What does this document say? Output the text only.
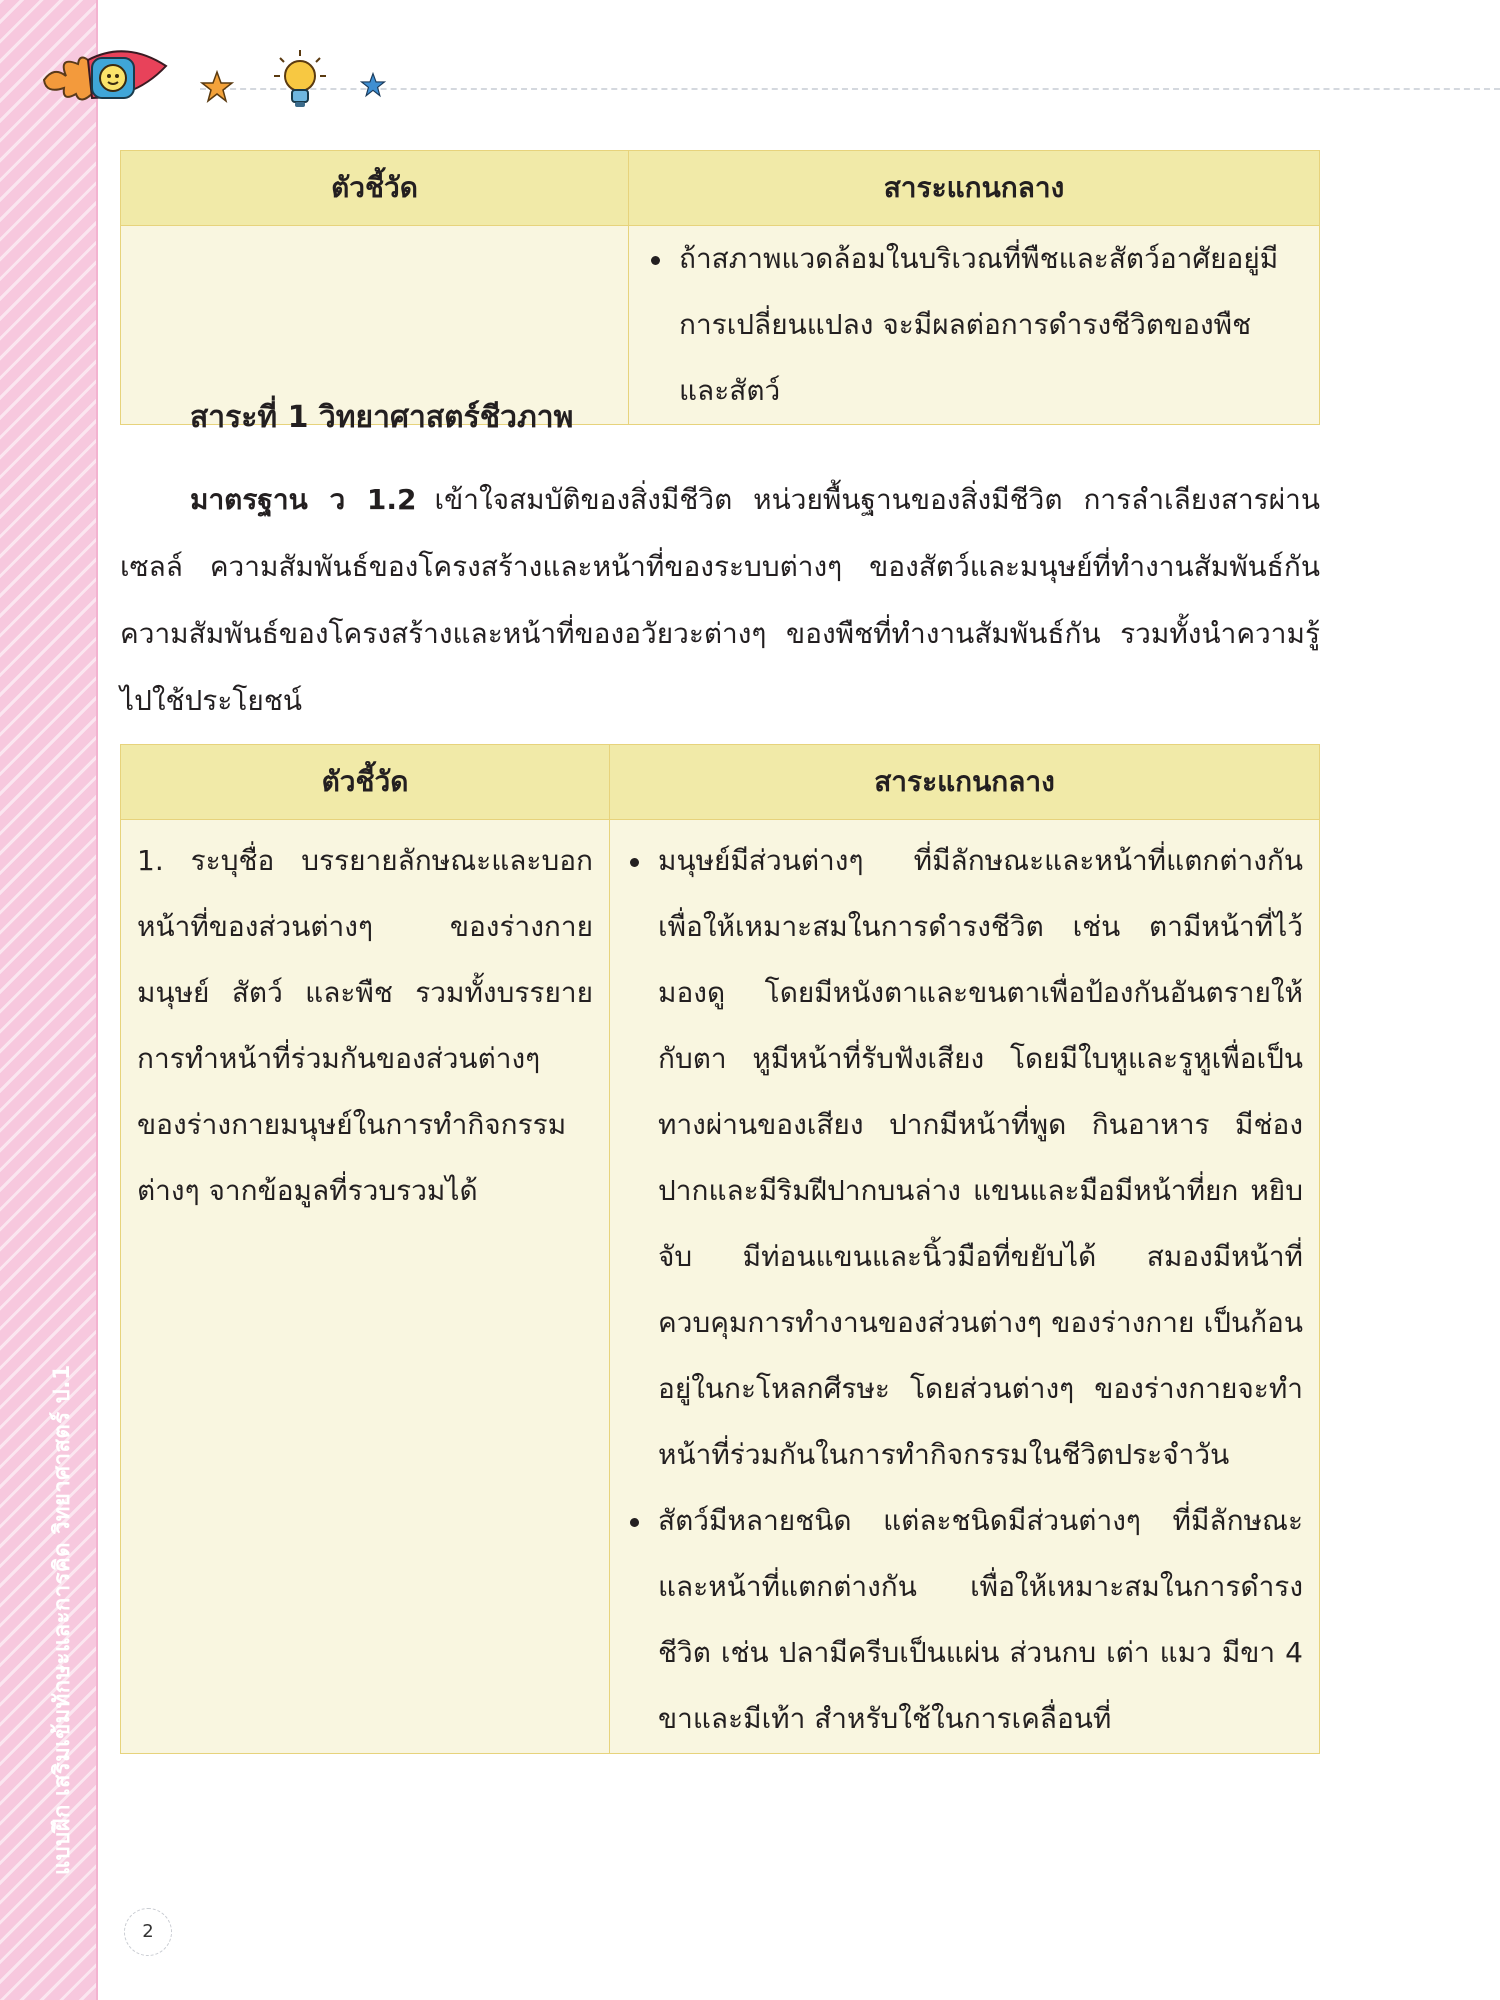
แบบฝึก เสริมเข้มทักษะและการคิด วิทยาศาสตร์ ป.1
ตัวชี้วัด	สาระแกนกลาง

	ถ้าสภาพแวดล้อมในบริเวณที่พืชและสัตว์อาศัยอยู่มีการเปลี่ยนแปลง จะมีผลต่อการดำรงชีวิตของพืชและสัตว์
สาระที่ 1 วิทยาศาสตร์ชีวภาพ
มาตรฐาน ว 1.2 เข้าใจสมบัติของสิ่งมีชีวิต หน่วยพื้นฐานของสิ่งมีชีวิต การลำเลียงสารผ่านเซลล์ ความสัมพันธ์ของโครงสร้างและหน้าที่ของระบบต่างๆ ของสัตว์และมนุษย์ที่ทำงานสัมพันธ์กัน ความสัมพันธ์ของโครงสร้างและหน้าที่ของอวัยวะต่างๆ ของพืชที่ทำงานสัมพันธ์กัน รวมทั้งนำความรู้ไปใช้ประโยชน์
ตัวชี้วัด	สาระแกนกลาง

1. ระบุชื่อ บรรยายลักษณะและบอกหน้าที่ของส่วนต่างๆ ของร่างกายมนุษย์ สัตว์ และพืช รวมทั้งบรรยายการทำหน้าที่ร่วมกันของส่วนต่างๆ ของร่างกายมนุษย์ในการทำกิจกรรมต่างๆ จากข้อมูลที่รวบรวมได้	มนุษย์มีส่วนต่างๆ ที่มีลักษณะและหน้าที่แตกต่างกันเพื่อให้เหมาะสมในการดำรงชีวิต เช่น ตามีหน้าที่ไว้มองดู โดยมีหนังตาและขนตาเพื่อป้องกันอันตรายให้กับตา หูมีหน้าที่รับฟังเสียง โดยมีใบหูและรูหูเพื่อเป็นทางผ่านของเสียง ปากมีหน้าที่พูด กินอาหาร มีช่องปากและมีริมฝีปากบนล่าง แขนและมือมีหน้าที่ยก หยิบ จับ มีท่อนแขนและนิ้วมือที่ขยับได้ สมองมีหน้าที่ควบคุมการทำงานของส่วนต่างๆ ของร่างกาย เป็นก้อนอยู่ในกะโหลกศีรษะ โดยส่วนต่างๆ ของร่างกายจะทำหน้าที่ร่วมกันในการทำกิจกรรมในชีวิตประจำวัน
สัตว์มีหลายชนิด แต่ละชนิดมีส่วนต่างๆ ที่มีลักษณะและหน้าที่แตกต่างกัน เพื่อให้เหมาะสมในการดำรงชีวิต เช่น ปลามีครีบเป็นแผ่น ส่วนกบ เต่า แมว มีขา 4 ขาและมีเท้า สำหรับใช้ในการเคลื่อนที่
2
